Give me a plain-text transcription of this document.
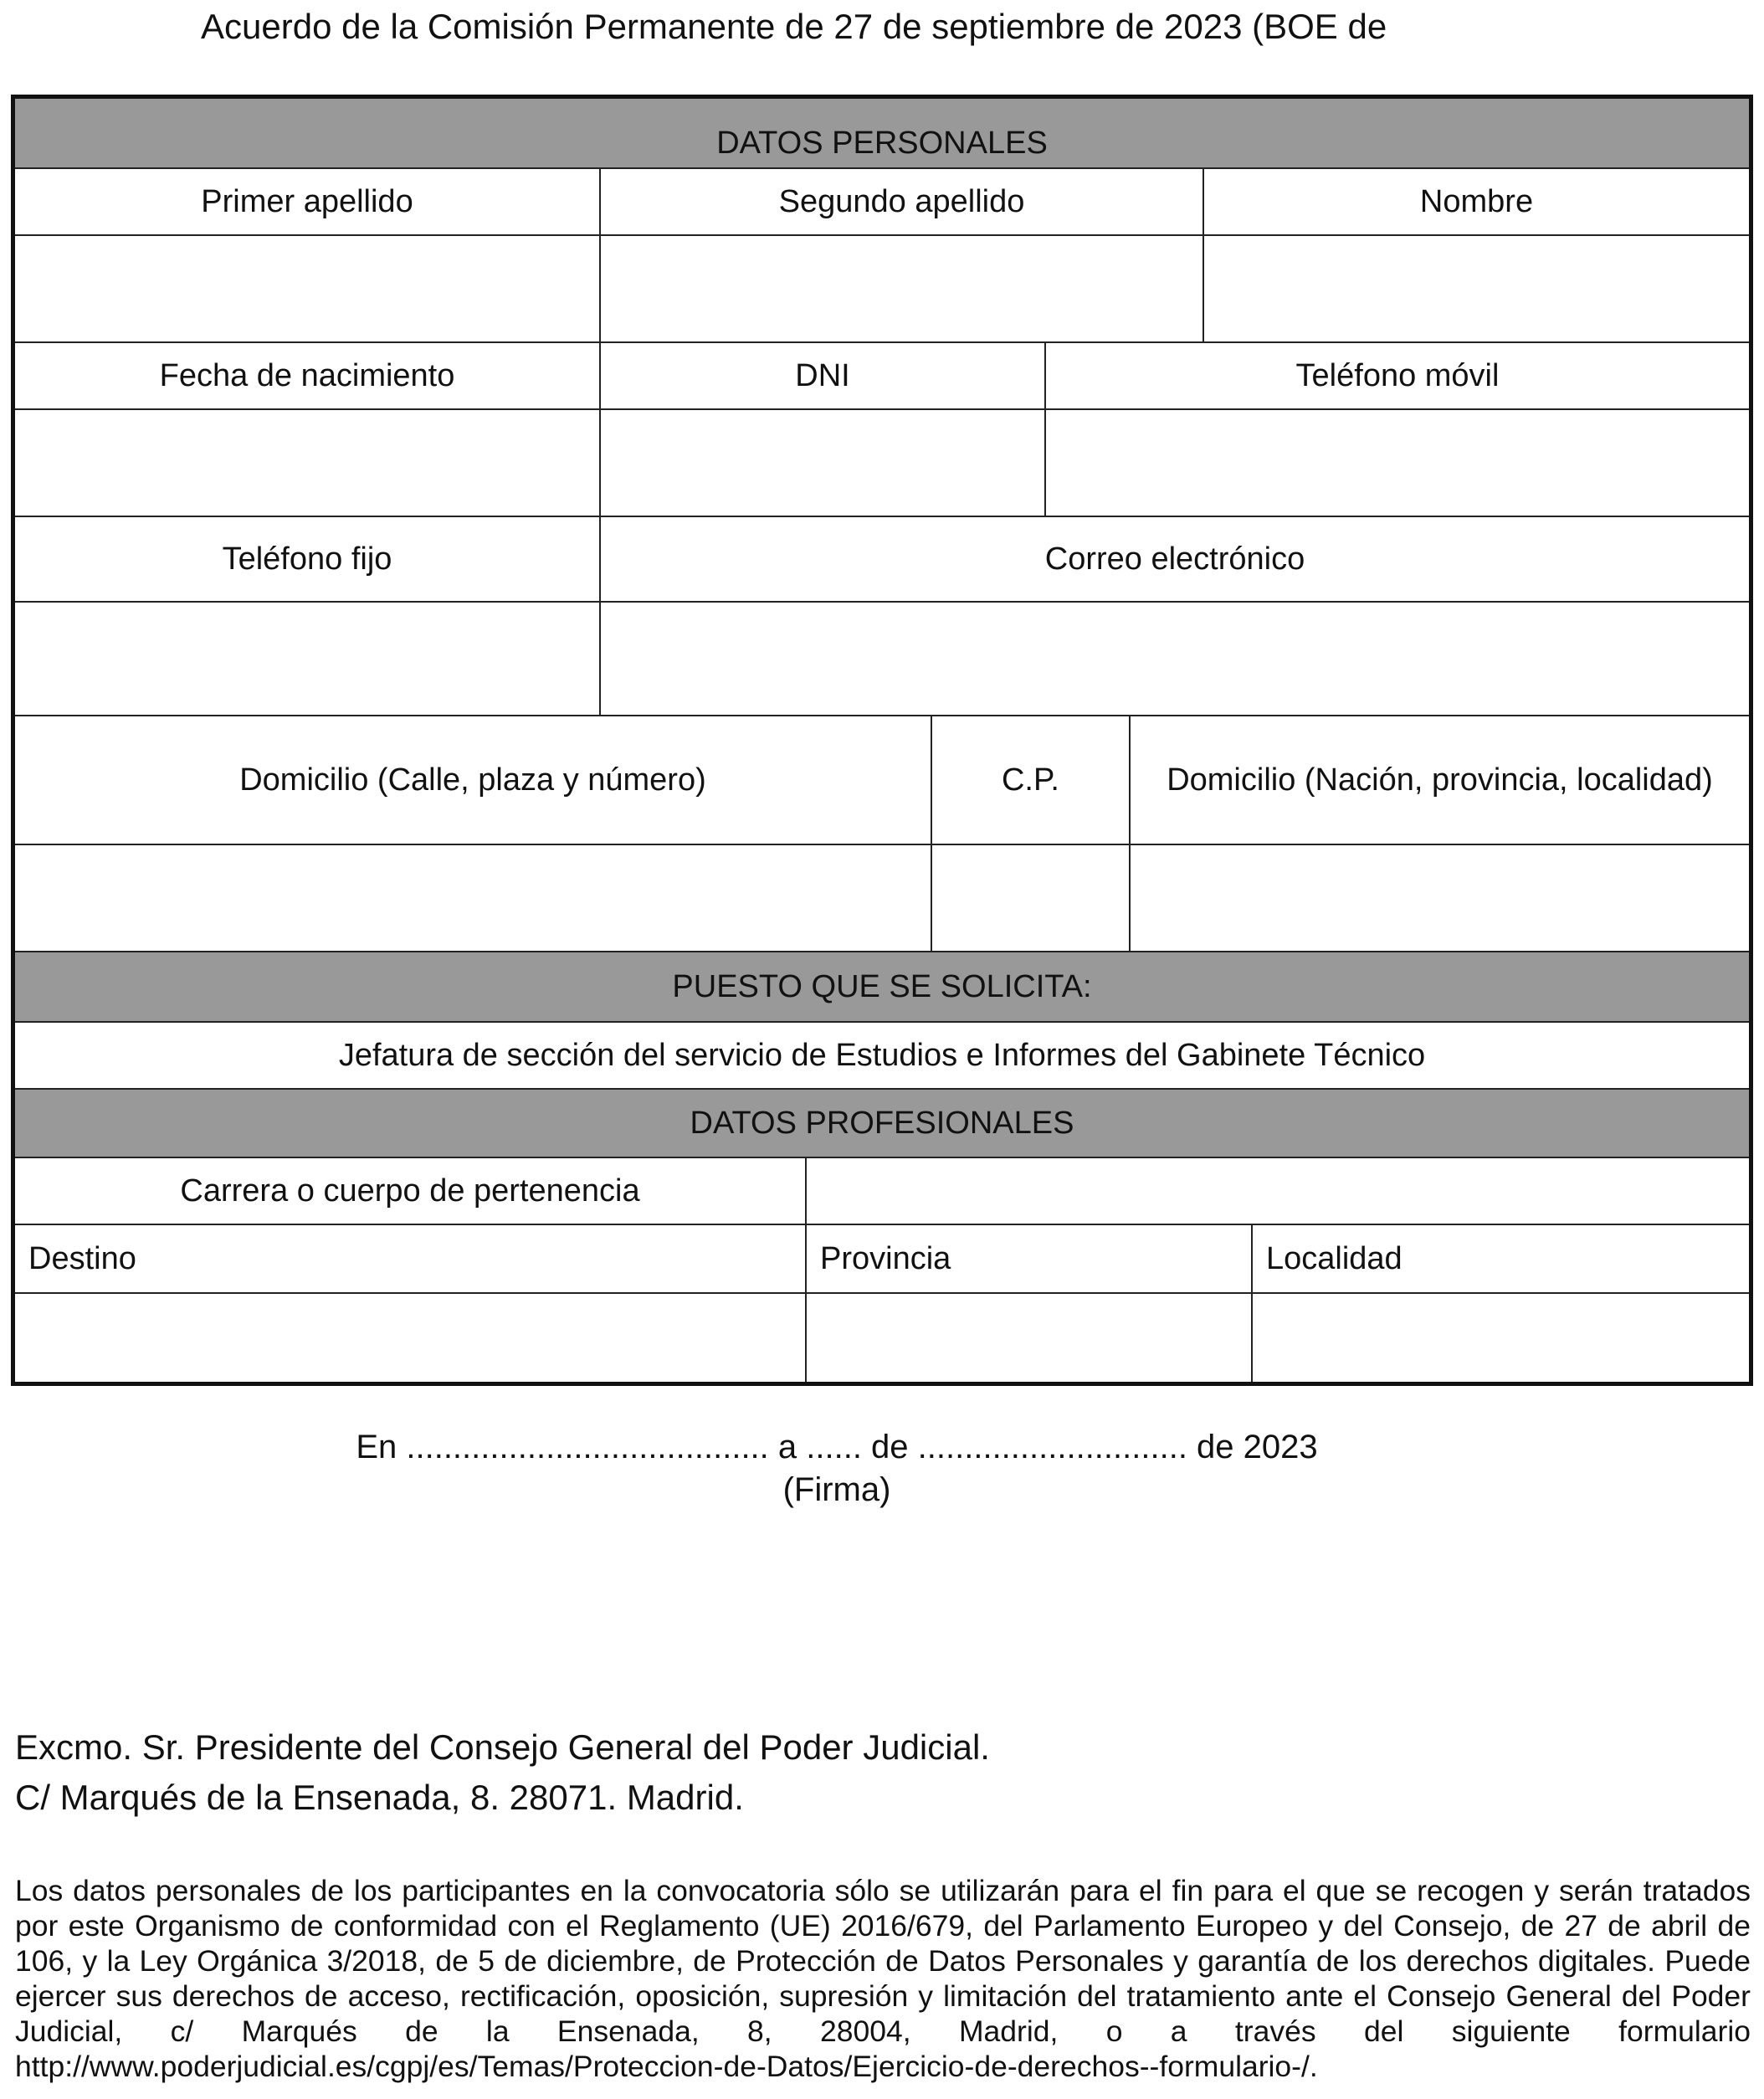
Acuerdo de la Comisión Permanente de 27 de septiembre de 2023 (BOE de
DATOS PERSONALES
Primer apellido	Segundo apellido	Nombre
Fecha de nacimiento	DNI	Teléfono móvil
Teléfono fijo	Correo electrónico
Domicilio (Calle, plaza y número)	C.P.	Domicilio (Nación, provincia, localidad)
PUESTO QUE SE SOLICITA:
Jefatura de sección del servicio de Estudios e Informes del Gabinete Técnico
DATOS PROFESIONALES
Carrera o cuerpo de pertenencia
Destino	Provincia	Localidad
En ....................................... a ...... de ............................. de 2023
(Firma)
Excmo. Sr. Presidente del Consejo General del Poder Judicial.
C/ Marqués de la Ensenada, 8. 28071. Madrid.
Los datos personales de los participantes en la convocatoria sólo se utilizarán para el fin para el que se recogen y serán tratados por este Organismo de conformidad con el Reglamento (UE) 2016/679, del Parlamento Europeo y del Consejo, de 27 de abril de 106, y la Ley Orgánica 3/2018, de 5 de diciembre, de Protección de Datos Personales y garantía de los derechos digitales. Puede ejercer sus derechos de acceso, rectificación, oposición, supresión y limitación del tratamiento ante el Consejo General del Poder Judicial, c/ Marqués de la Ensenada, 8, 28004, Madrid, o a través del siguiente formulario http://www.poderjudicial.es/cgpj/es/Temas/Proteccion-de-Datos/Ejercicio-de-derechos--formulario-/.
